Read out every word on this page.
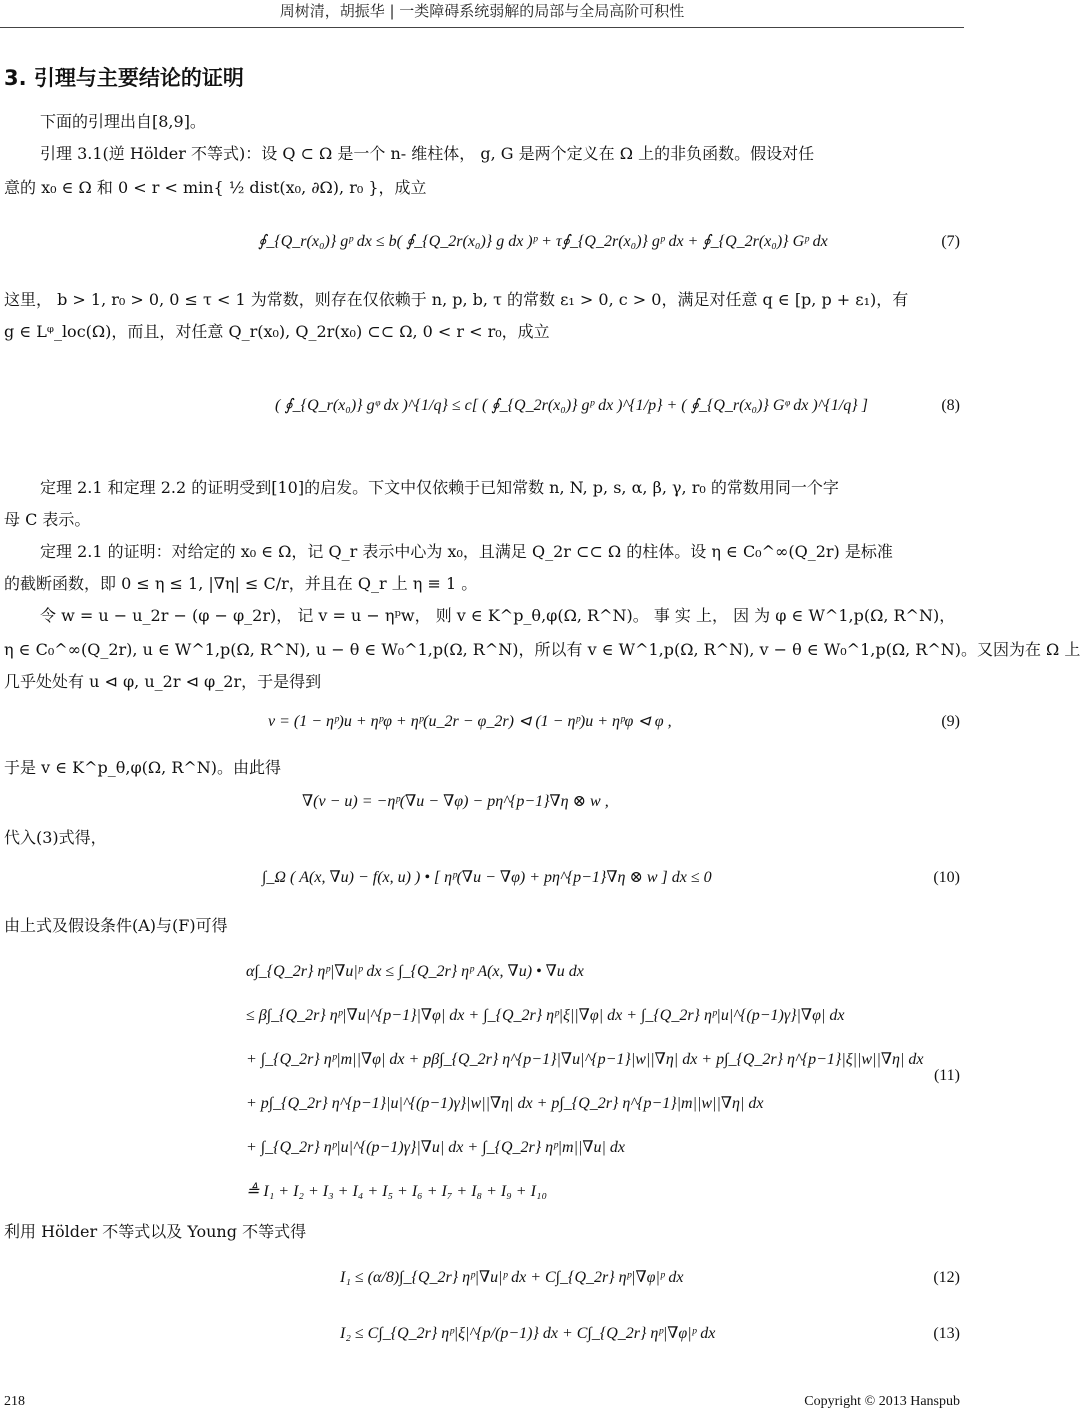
周树清，胡振华 | 一类障碍系统弱解的局部与全局高阶可积性
3. 引理与主要结论的证明
下面的引理出自[8,9]。
引理 3.1(逆 Hölder 不等式)：设 Q ⊂ Ω 是一个 n- 维柱体， g, G 是两个定义在 Ω 上的非负函数。假设对任
意的 x₀ ∈ Ω 和 0 < r < min{ ½ dist(x₀, ∂Ω), r₀ }，成立
∮_{Q_r(x₀)} gᵖ dx ≤ b( ∮_{Q_2r(x₀)} g dx )ᵖ + τ∮_{Q_2r(x₀)} gᵖ dx + ∮_{Q_2r(x₀)} Gᵖ dx	(7)
这里， b > 1, r₀ > 0, 0 ≤ τ < 1 为常数，则存在仅依赖于 n, p, b, τ 的常数 ε₁ > 0, c > 0，满足对任意 q ∈ [p, p + ε₁)，有
g ∈ Lᵠ_loc(Ω)，而且，对任意 Q_r(x₀), Q_2r(x₀) ⊂⊂ Ω, 0 < r < r₀，成立
( ∮_{Q_r(x₀)} gᵠ dx )^{1/q} ≤ c[ ( ∮_{Q_2r(x₀)} gᵖ dx )^{1/p} + ( ∮_{Q_r(x₀)} Gᵠ dx )^{1/q} ]	(8)
定理 2.1 和定理 2.2 的证明受到[10]的启发。下文中仅依赖于已知常数 n, N, p, s, α, β, γ, r₀ 的常数用同一个字
母 C 表示。
定理 2.1 的证明：对给定的 x₀ ∈ Ω，记 Q_r 表示中心为 x₀，且满足 Q_2r ⊂⊂ Ω 的柱体。设 η ∈ C₀^∞(Q_2r) 是标准
的截断函数，即 0 ≤ η ≤ 1, |∇η| ≤ C/r，并且在 Q_r 上 η ≡ 1 。
令 w = u − u_2r − (φ − φ_2r)， 记 v = u − ηᵖw， 则 v ∈ K^p_θ,φ(Ω, R^N)。 事 实 上， 因 为 φ ∈ W^1,p(Ω, R^N)，
η ∈ C₀^∞(Q_2r), u ∈ W^1,p(Ω, R^N), u − θ ∈ W₀^1,p(Ω, R^N)，所以有 v ∈ W^1,p(Ω, R^N), v − θ ∈ W₀^1,p(Ω, R^N)。又因为在 Ω 上
几乎处处有 u ⊲ φ, u_2r ⊲ φ_2r，于是得到
v = (1 − ηᵖ)u + ηᵖφ + ηᵖ(u_2r − φ_2r) ⊲ (1 − ηᵖ)u + ηᵖφ ⊲ φ ,	(9)
于是 v ∈ K^p_θ,φ(Ω, R^N)。由此得
∇(v − u) = −ηᵖ(∇u − ∇φ) − pη^{p−1}∇η ⊗ w ,
代入(3)式得，
∫_Ω ( A(x, ∇u) − f(x, u) ) • [ ηᵖ(∇u − ∇φ) + pη^{p−1}∇η ⊗ w ] dx ≤ 0	(10)
由上式及假设条件(A)与(F)可得
α∫_{Q_2r} ηᵖ|∇u|ᵖ dx ≤ ∫_{Q_2r} ηᵖ A(x, ∇u) • ∇u dx
≤ β∫_{Q_2r} ηᵖ|∇u|^{p−1}|∇φ| dx + ∫_{Q_2r} ηᵖ|ξ||∇φ| dx + ∫_{Q_2r} ηᵖ|u|^{(p−1)γ}|∇φ| dx
+ ∫_{Q_2r} ηᵖ|m||∇φ| dx + pβ∫_{Q_2r} η^{p−1}|∇u|^{p−1}|w||∇η| dx + p∫_{Q_2r} η^{p−1}|ξ||w||∇η| dx
(11)
+ p∫_{Q_2r} η^{p−1}|u|^{(p−1)γ}|w||∇η| dx + p∫_{Q_2r} η^{p−1}|m||w||∇η| dx
+ ∫_{Q_2r} ηᵖ|u|^{(p−1)γ}|∇u| dx + ∫_{Q_2r} ηᵖ|m||∇u| dx
≜ I₁ + I₂ + I₃ + I₄ + I₅ + I₆ + I₇ + I₈ + I₉ + I₁₀
利用 Hölder 不等式以及 Young 不等式得
I₁ ≤ (α/8)∫_{Q_2r} ηᵖ|∇u|ᵖ dx + C∫_{Q_2r} ηᵖ|∇φ|ᵖ dx	(12)
I₂ ≤ C∫_{Q_2r} ηᵖ|ξ|^{p/(p−1)} dx + C∫_{Q_2r} ηᵖ|∇φ|ᵖ dx	(13)
218	Copyright © 2013 Hanspub
